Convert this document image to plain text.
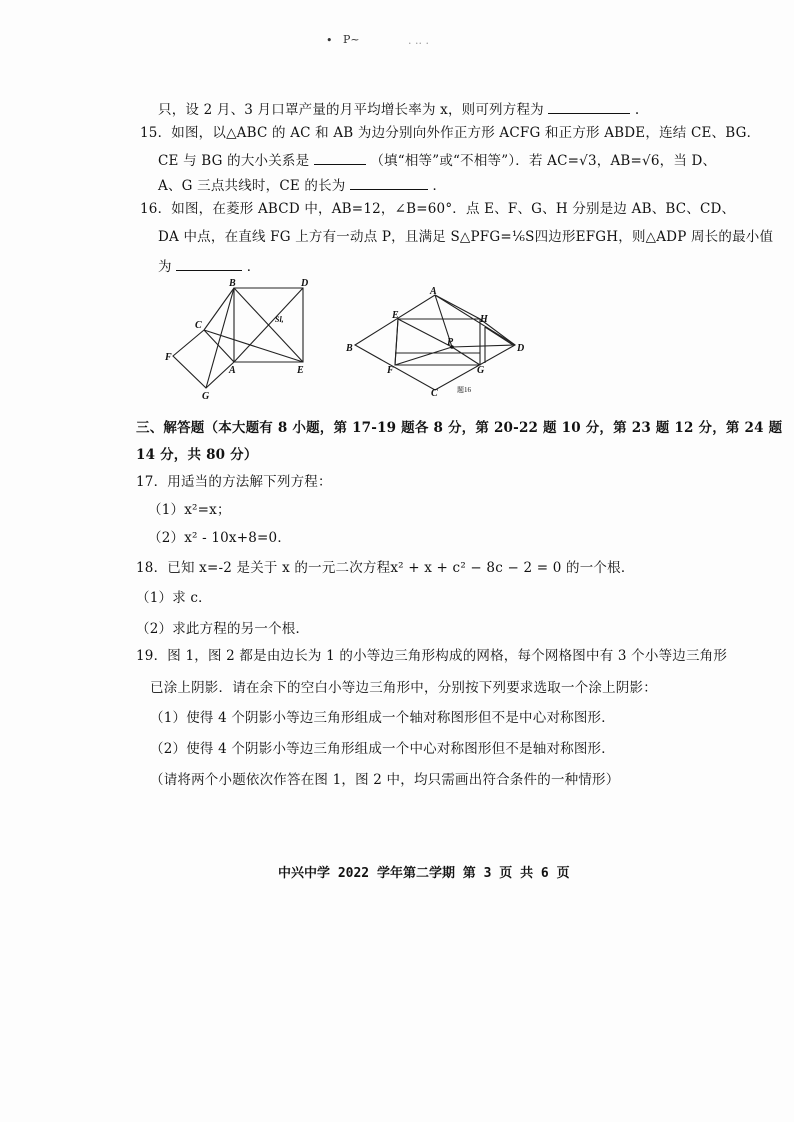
• P~	· ·· ·
只，设 2 月、3 月口罩产量的月平均增长率为 x，则可列方程为	.
15．如图，以△ABC 的 AC 和 AB 为边分别向外作正方形 ACFG 和正方形 ABDE，连结 CE、BG．
CE 与 BG 的大小关系是	（填“相等”或“不相等”）．若 AC=√3，AB=√6，当 D、
A、G 三点共线时，CE 的长为	．
16．如图，在菱形 ABCD 中，AB=12，∠B=60°．点 E、F、G、H 分别是边 AB、BC、CD、
DA 中点，在直线 FG 上方有一动点 P，且满足 S△PFG=⅙S四边形EFGH，则△ADP 周长的最小值
为	．
B	D
C
F
A	E
G
Sl,
A
E	H
B
P
D
F	G
C	题16
三、解答题（本大题有 8 小题，第 17-19 题各 8 分，第 20-22 题 10 分，第 23 题 12 分，第 24 题
14 分，共 80 分）
17．用适当的方法解下列方程：
（1）x²=x；
（2）x² - 10x+8=0．
18．已知 x=-2 是关于 x 的一元二次方程x² + x + c² − 8c − 2 = 0 的一个根．
（1）求 c．
（2）求此方程的另一个根．
19．图 1，图 2 都是由边长为 1 的小等边三角形构成的网格，每个网格图中有 3 个小等边三角形
已涂上阴影．请在余下的空白小等边三角形中，分别按下列要求选取一个涂上阴影：
（1）使得 4 个阴影小等边三角形组成一个轴对称图形但不是中心对称图形．
（2）使得 4 个阴影小等边三角形组成一个中心对称图形但不是轴对称图形．
（请将两个小题依次作答在图 1，图 2 中，均只需画出符合条件的一种情形）
中兴中学 2022 学年第二学期 第 3 页 共 6 页
